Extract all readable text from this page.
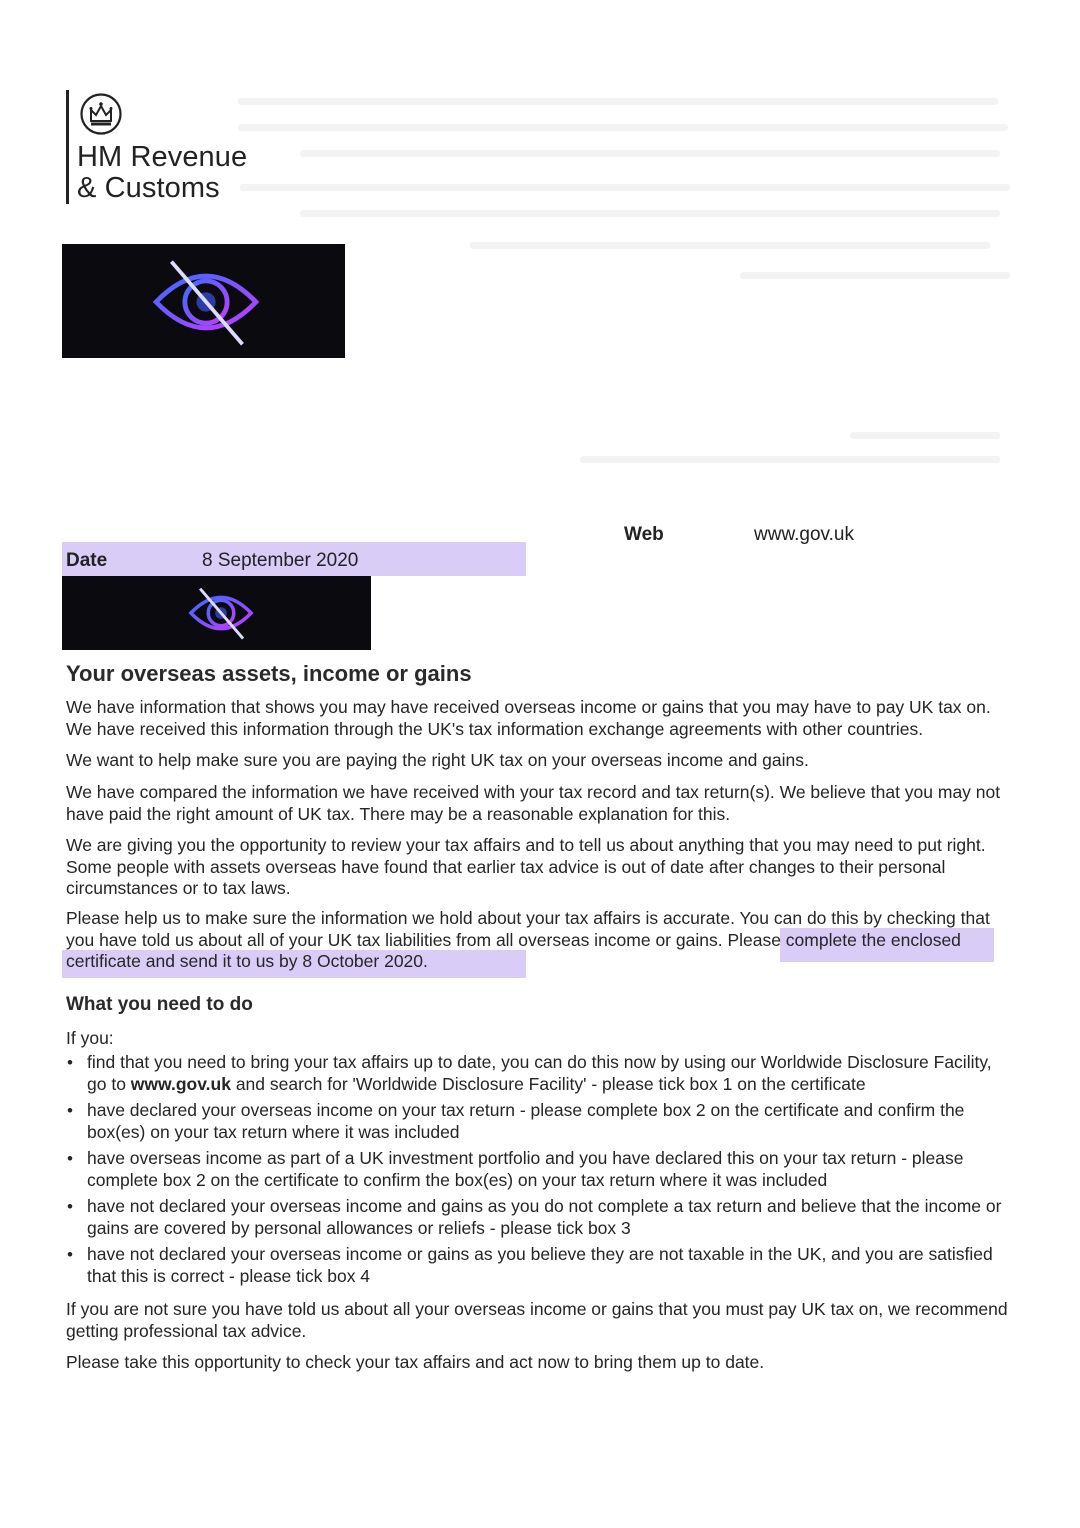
HM Revenue
& Customs
Web	www.gov.uk
Date	8 September 2020
Your overseas assets, income or gains

We have information that shows you may have received overseas income or gains that you may have to pay UK tax on. We have received this information through the UK's tax information exchange agreements with other countries.

We want to help make sure you are paying the right UK tax on your overseas income and gains.

We have compared the information we have received with your tax record and tax return(s). We believe that you may not have paid the right amount of UK tax. There may be a reasonable explanation for this.

We are giving you the opportunity to review your tax affairs and to tell us about anything that you may need to put right. Some people with assets overseas have found that earlier tax advice is out of date after changes to their personal circumstances or to tax laws.

Please help us to make sure the information we hold about your tax affairs is accurate. You can do this by checking that you have told us about all of your UK tax liabilities from all overseas income or gains. Please complete the enclosed certificate and send it to us by 8 October 2020.

What you need to do

If you:

• find that you need to bring your tax affairs up to date, you can do this now by using our Worldwide Disclosure Facility, go to www.gov.uk and search for 'Worldwide Disclosure Facility' - please tick box 1 on the certificate
• have declared your overseas income on your tax return - please complete box 2 on the certificate and confirm the box(es) on your tax return where it was included
• have overseas income as part of a UK investment portfolio and you have declared this on your tax return - please complete box 2 on the certificate to confirm the box(es) on your tax return where it was included
• have not declared your overseas income and gains as you do not complete a tax return and believe that the income or gains are covered by personal allowances or reliefs - please tick box 3
• have not declared your overseas income or gains as you believe they are not taxable in the UK, and you are satisfied that this is correct - please tick box 4

If you are not sure you have told us about all your overseas income or gains that you must pay UK tax on, we recommend getting professional tax advice.

Please take this opportunity to check your tax affairs and act now to bring them up to date.
